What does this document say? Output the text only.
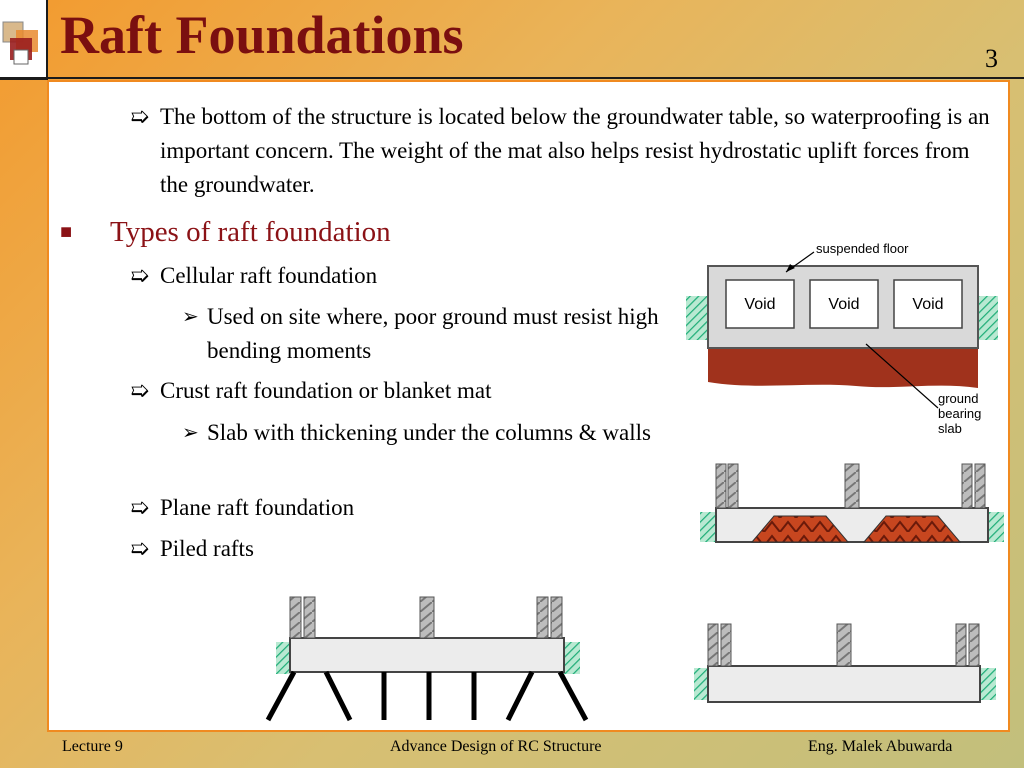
Raft Foundations	3
➯ The bottom of the structure is located below the groundwater table, so waterproofing is an important concern. The weight of the mat also helps resist hydrostatic uplift forces from the groundwater.
■	Types of raft foundation
➯ Cellular raft foundation
➢ Used on site where, poor ground must resist high bending moments
➯ Crust raft foundation or blanket mat
➢ Slab with thickening under the columns & walls
➯ Plane raft foundation
➯ Piled rafts
Void	Void	Void
suspended floor
ground
bearing
slab
Lecture 9	Advance Design of RC Structure	Eng. Malek Abuwarda
